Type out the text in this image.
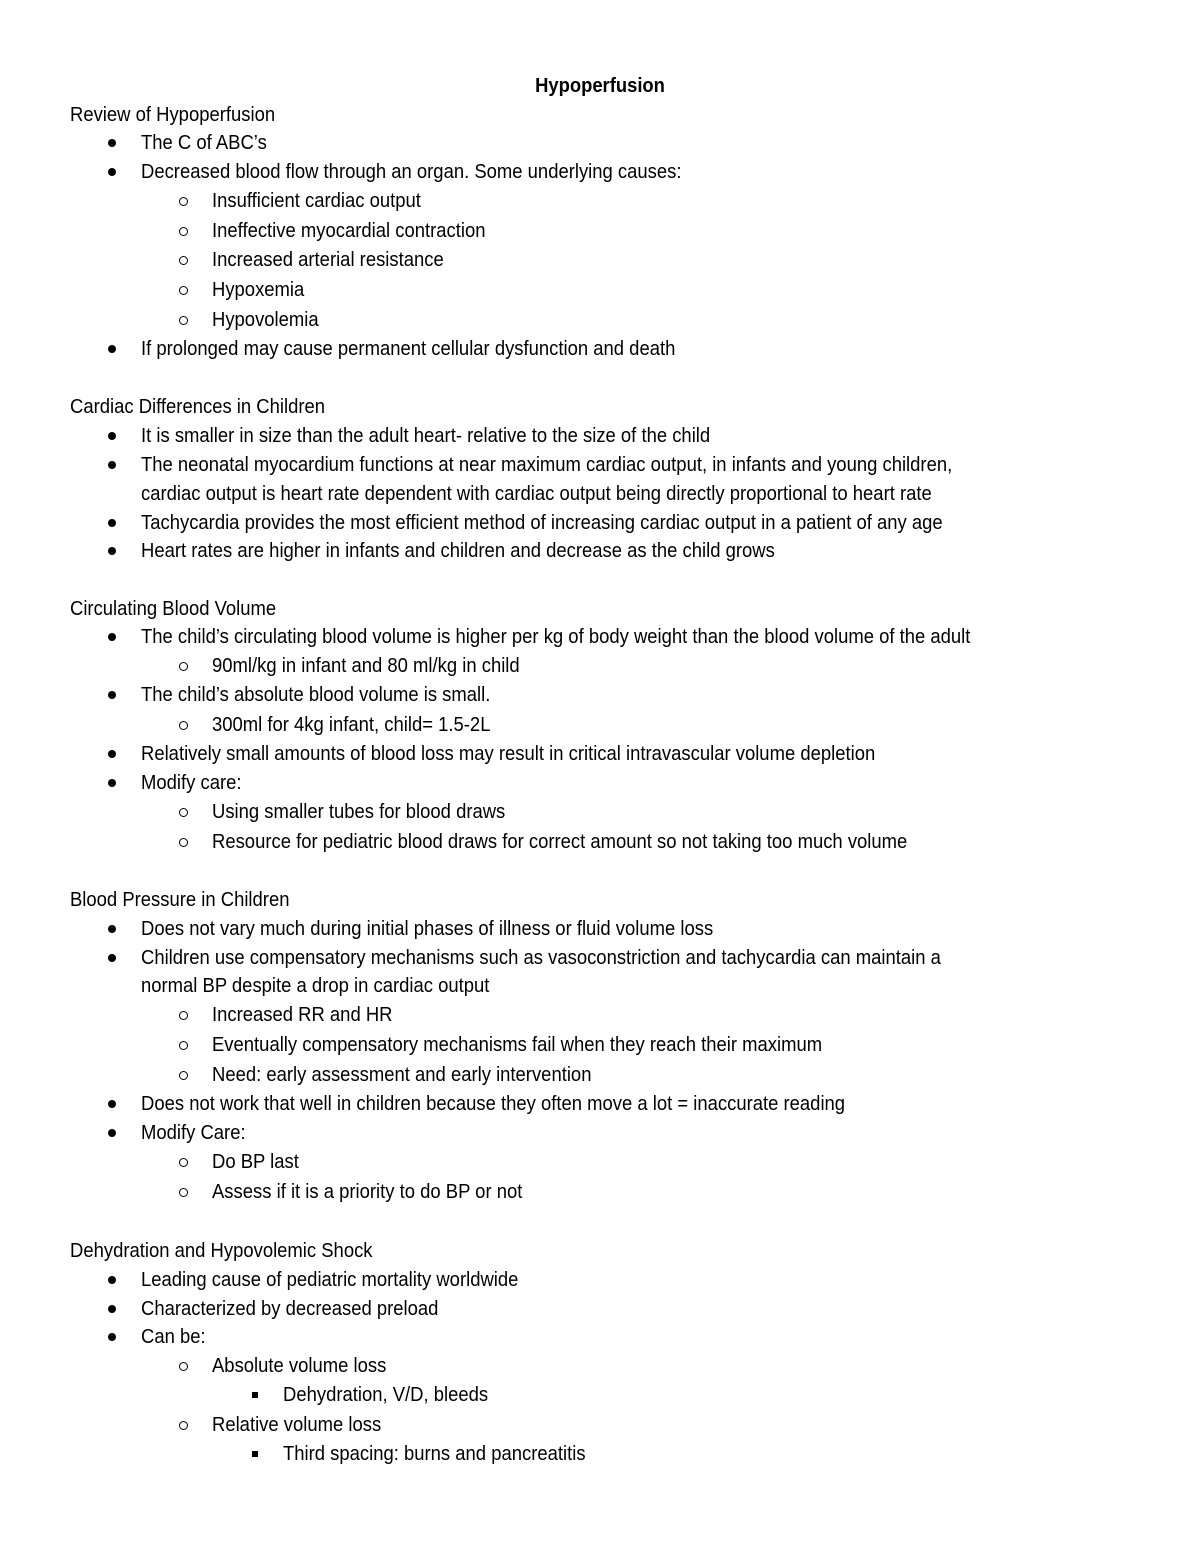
Hypoperfusion
Review of Hypoperfusion
The C of ABC’s
Decreased blood flow through an organ. Some underlying causes:
Insufficient cardiac output
Ineffective myocardial contraction
Increased arterial resistance
Hypoxemia
Hypovolemia
If prolonged may cause permanent cellular dysfunction and death
Cardiac Differences in Children
It is smaller in size than the adult heart- relative to the size of the child
The neonatal myocardium functions at near maximum cardiac output, in infants and young children,
cardiac output is heart rate dependent with cardiac output being directly proportional to heart rate
Tachycardia provides the most efficient method of increasing cardiac output in a patient of any age
Heart rates are higher in infants and children and decrease as the child grows
Circulating Blood Volume
The child’s circulating blood volume is higher per kg of body weight than the blood volume of the adult
90ml/kg in infant and 80 ml/kg in child
The child’s absolute blood volume is small.
300ml for 4kg infant, child= 1.5-2L
Relatively small amounts of blood loss may result in critical intravascular volume depletion
Modify care:
Using smaller tubes for blood draws
Resource for pediatric blood draws for correct amount so not taking too much volume
Blood Pressure in Children
Does not vary much during initial phases of illness or fluid volume loss
Children use compensatory mechanisms such as vasoconstriction and tachycardia can maintain a
normal BP despite a drop in cardiac output
Increased RR and HR
Eventually compensatory mechanisms fail when they reach their maximum
Need: early assessment and early intervention
Does not work that well in children because they often move a lot = inaccurate reading
Modify Care:
Do BP last
Assess if it is a priority to do BP or not
Dehydration and Hypovolemic Shock
Leading cause of pediatric mortality worldwide
Characterized by decreased preload
Can be:
Absolute volume loss
Dehydration, V/D, bleeds
Relative volume loss
Third spacing: burns and pancreatitis
